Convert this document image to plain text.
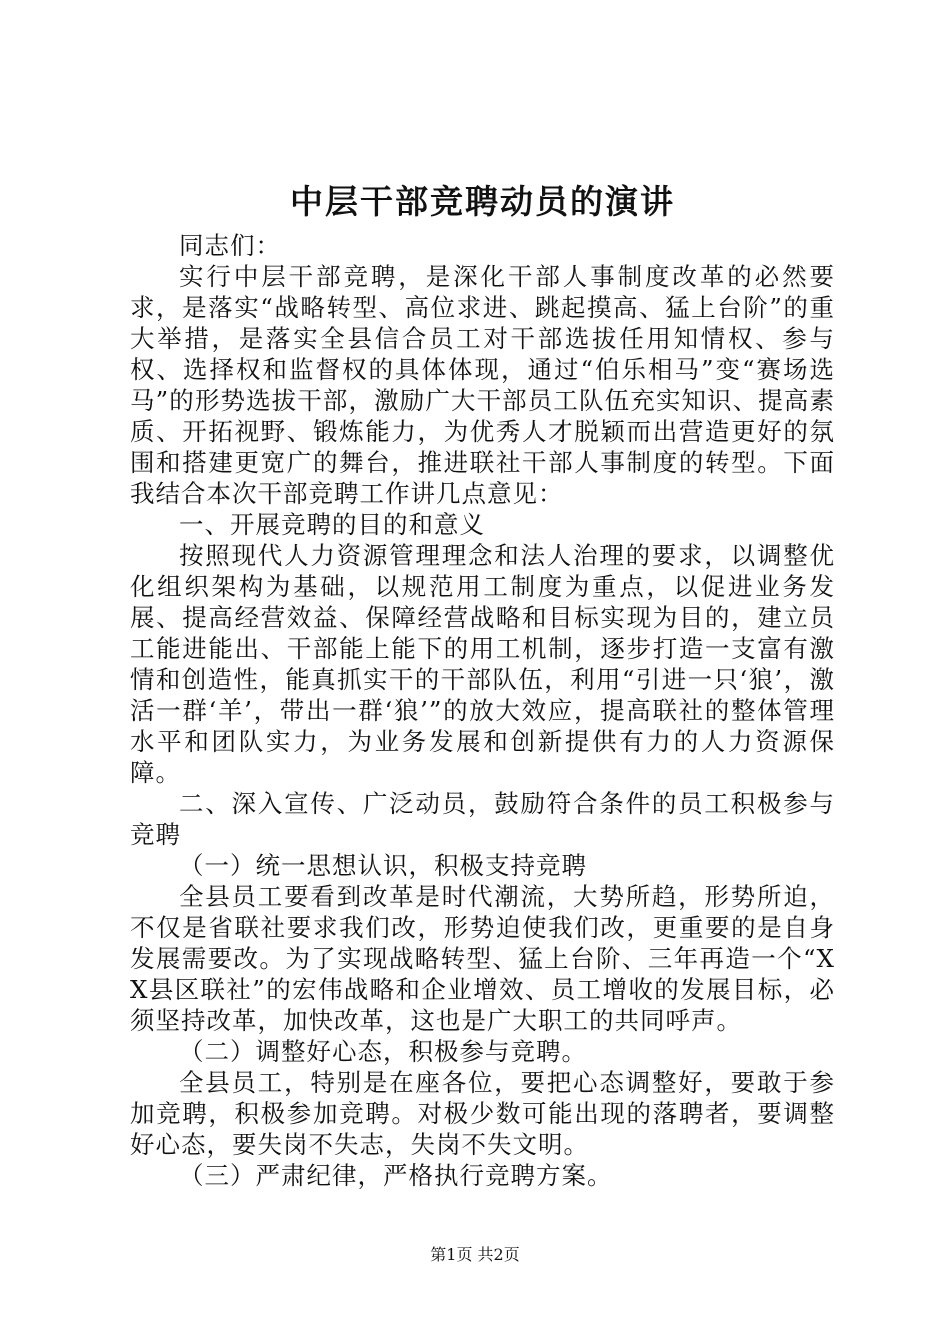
中层干部竞聘动员的演讲

同志们：

实行中层干部竞聘，是深化干部人事制度改革的必然要求，是落实“战略转型、高位求进、跳起摸高、猛上台阶”的重大举措，是落实全县信合员工对干部选拔任用知情权、参与权、选择权和监督权的具体体现，通过“伯乐相马”变“赛场选马”的形势选拔干部，激励广大干部员工队伍充实知识、提高素质、开拓视野、锻炼能力，为优秀人才脱颖而出营造更好的氛围和搭建更宽广的舞台，推进联社干部人事制度的转型。下面我结合本次干部竞聘工作讲几点意见：

一、开展竞聘的目的和意义

按照现代人力资源管理理念和法人治理的要求，以调整优化组织架构为基础，以规范用工制度为重点，以促进业务发展、提高经营效益、保障经营战略和目标实现为目的，建立员工能进能出、干部能上能下的用工机制，逐步打造一支富有激情和创造性，能真抓实干的干部队伍，利用“引进一只‘狼’，激活一群‘羊’，带出一群‘狼’”的放大效应，提高联社的整体管理水平和团队实力，为业务发展和创新提供有力的人力资源保障。

二、深入宣传、广泛动员，鼓励符合条件的员工积极参与竞聘

（一）统一思想认识，积极支持竞聘

全县员工要看到改革是时代潮流，大势所趋，形势所迫，不仅是省联社要求我们改，形势迫使我们改，更重要的是自身发展需要改。为了实现战略转型、猛上台阶、三年再造一个“XX县区联社”的宏伟战略和企业增效、员工增收的发展目标，必须坚持改革，加快改革，这也是广大职工的共同呼声。

（二）调整好心态，积极参与竞聘。

全县员工，特别是在座各位，要把心态调整好，要敢于参加竞聘，积极参加竞聘。对极少数可能出现的落聘者，要调整好心态，要失岗不失志，失岗不失文明。

（三）严肃纪律，严格执行竞聘方案。

第1页 共2页
